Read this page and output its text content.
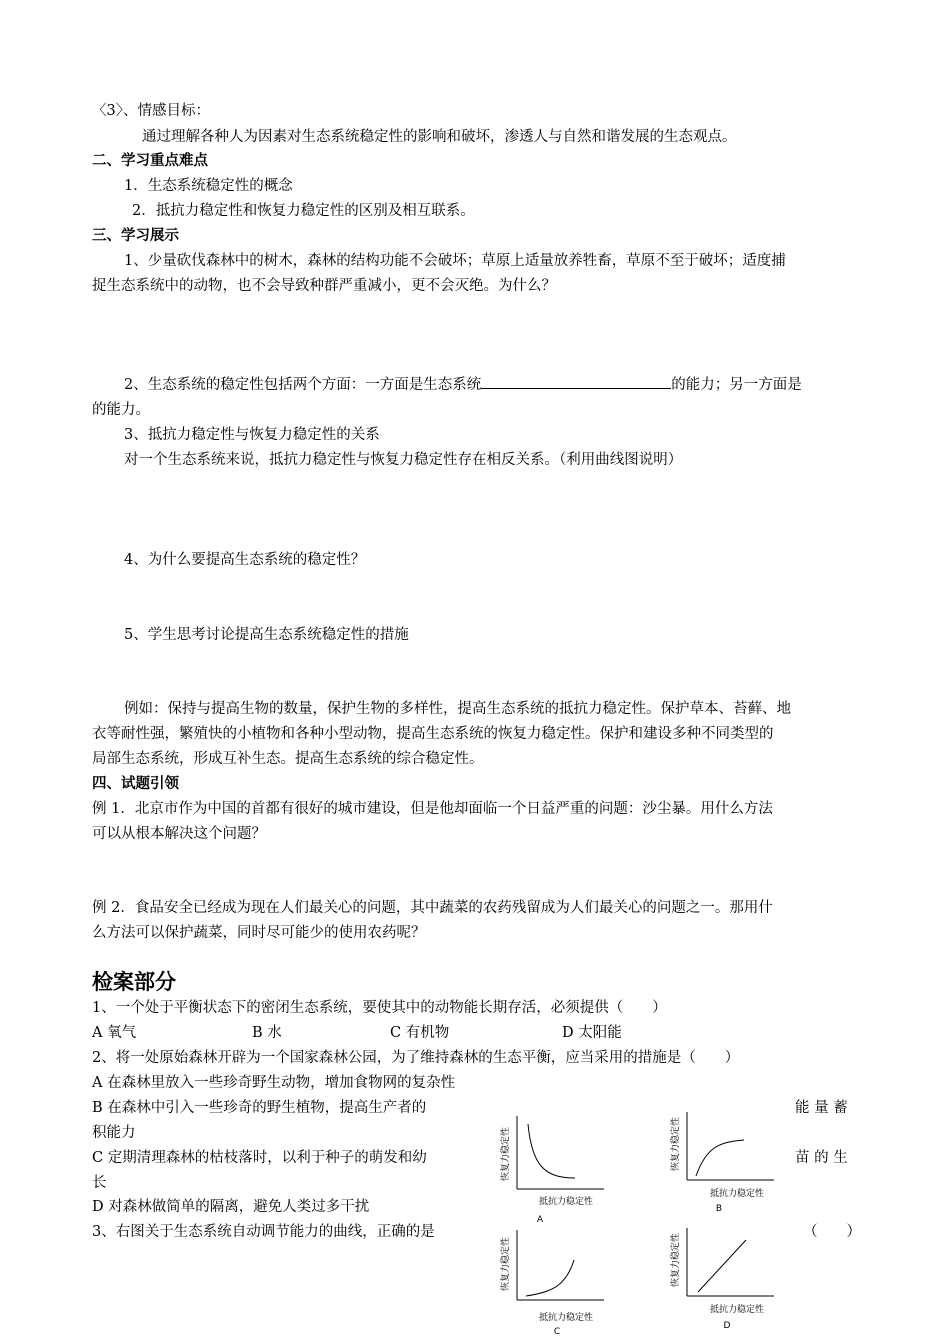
〈3〉、情感目标：
通过理解各种人为因素对生态系统稳定性的影响和破坏，渗透人与自然和谐发展的生态观点。
二、学习重点难点
1．生态系统稳定性的概念
2．抵抗力稳定性和恢复力稳定性的区别及相互联系。
三、学习展示
1、少量砍伐森林中的树木，森林的结构功能不会破坏；草原上适量放养牲畜，草原不至于破坏；适度捕
捉生态系统中的动物，也不会导致种群严重减小，更不会灭绝。为什么？
2、生态系统的稳定性包括两个方面：一方面是生态系统	的能力；另一方面是
的能力。
3、抵抗力稳定性与恢复力稳定性的关系
对一个生态系统来说，抵抗力稳定性与恢复力稳定性存在相反关系。（利用曲线图说明）
4、为什么要提高生态系统的稳定性？
5、学生思考讨论提高生态系统稳定性的措施
例如：保持与提高生物的数量，保护生物的多样性，提高生态系统的抵抗力稳定性。保护草本、苔藓、地
衣等耐性强，繁殖快的小植物和各种小型动物，提高生态系统的恢复力稳定性。保护和建设多种不同类型的
局部生态系统，形成互补生态。提高生态系统的综合稳定性。
四、试题引领
例 1．北京市作为中国的首都有很好的城市建设，但是他却面临一个日益严重的问题：沙尘暴。用什么方法
可以从根本解决这个问题？
例 2．食品安全已经成为现在人们最关心的问题，其中蔬菜的农药残留成为人们最关心的问题之一。那用什
么方法可以保护蔬菜，同时尽可能少的使用农药呢？
检案部分
1、一个处于平衡状态下的密闭生态系统，要使其中的动物能长期存活，必须提供（　　）
A 氧气	B 水	C 有机物	D 太阳能
2、将一处原始森林开辟为一个国家森林公园，为了维持森林的生态平衡，应当采用的措施是（　　）
A 在森林里放入一些珍奇野生动物，增加食物网的复杂性
B 在森林中引入一些珍奇的野生植物，提高生产者的	能 量 蓄
积能力
C 定期清理森林的枯枝落时，以利于种子的萌发和幼	苗 的 生
长
D 对森林做简单的隔离，避免人类过多干扰
3、右图关于生态系统自动调节能力的曲线，正确的是	（　　）
恢复力稳定性
抵抗力稳定性
A
恢复力稳定性
抵抗力稳定性
B
恢复力稳定性
抵抗力稳定性
C
恢复力稳定性
抵抗力稳定性
D
